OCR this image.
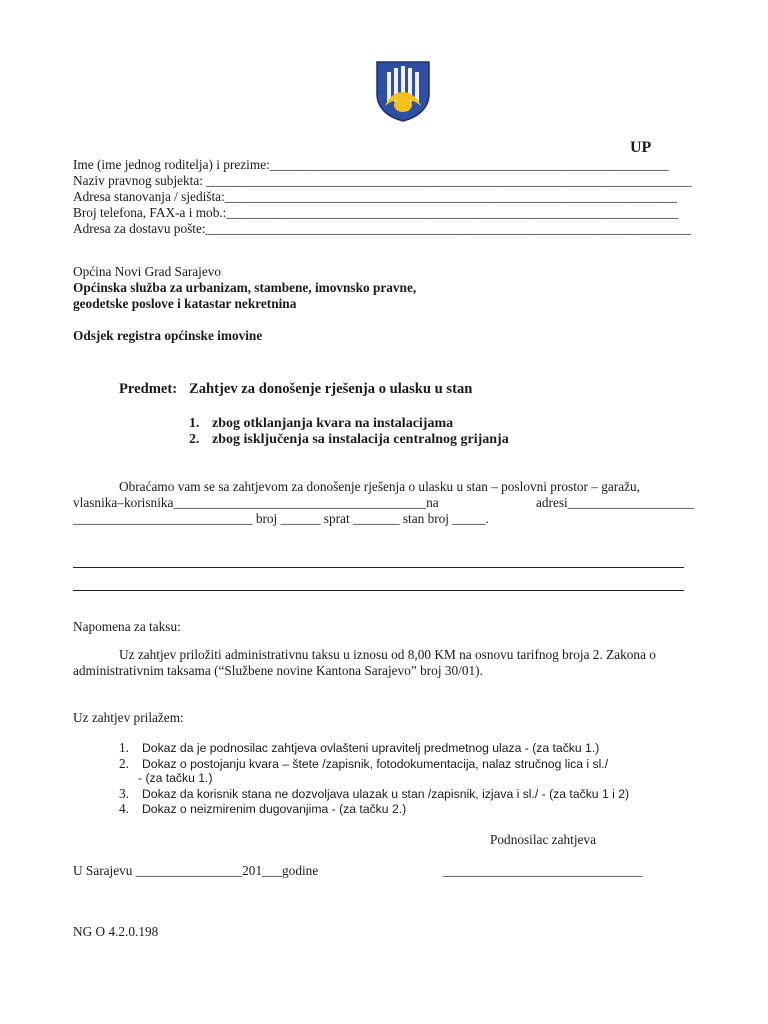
UP
Ime (ime jednog roditelja) i prezime:____________________________________________________________
Naziv pravnog subjekta: _________________________________________________________________________
Adresa stanovanja / sjedišta:____________________________________________________________________
Broj telefona, FAX-a i mob.:____________________________________________________________________
Adresa za dostavu pošte:_________________________________________________________________________
Općina Novi Grad Sarajevo
Općinska služba za urbanizam, stambene, imovnsko pravne,
geodetske poslove i katastar nekretnina
Odsjek registra općinske imovine
Predmet: Zahtjev za donošenje rješenja o ulasku u stan
1. zbog otklanjanja kvara na instalacijama
2. zbog isključenja sa instalacija centralnog grijanja
Obraćamo vam se sa zahtjevom za donošenje rješenja o ulasku u stan – poslovni prostor – garažu,
vlasnika–korisnika______________________________________na	adresi___________________
___________________________ broj ______ sprat _______ stan broj _____.
Napomena za taksu:
Uz zahtjev priložiti administrativnu taksu u iznosu od 8,00 KM na osnovu tarifnog broja 2. Zakona o
administrativnim taksama (“Službene novine Kantona Sarajevo” broj 30/01).
Uz zahtjev prilažem:
1. Dokaz da je podnosilac zahtjeva ovlašteni upravitelj predmetnog ulaza - (za tačku 1.)
2. Dokaz o postojanju kvara – štete /zapisnik, fotodokumentacija, nalaz stručnog lica i sl./
- (za tačku 1.)
3. Dokaz da korisnik stana ne dozvoljava ulazak u stan /zapisnik, izjava i sl./ - (za tačku 1 i 2)
4. Dokaz o neizmirenim dugovanjima - (za tačku 2.)
Podnosilac zahtjeva
U Sarajevu ________________201___godine	______________________________
NG O 4.2.0.198
